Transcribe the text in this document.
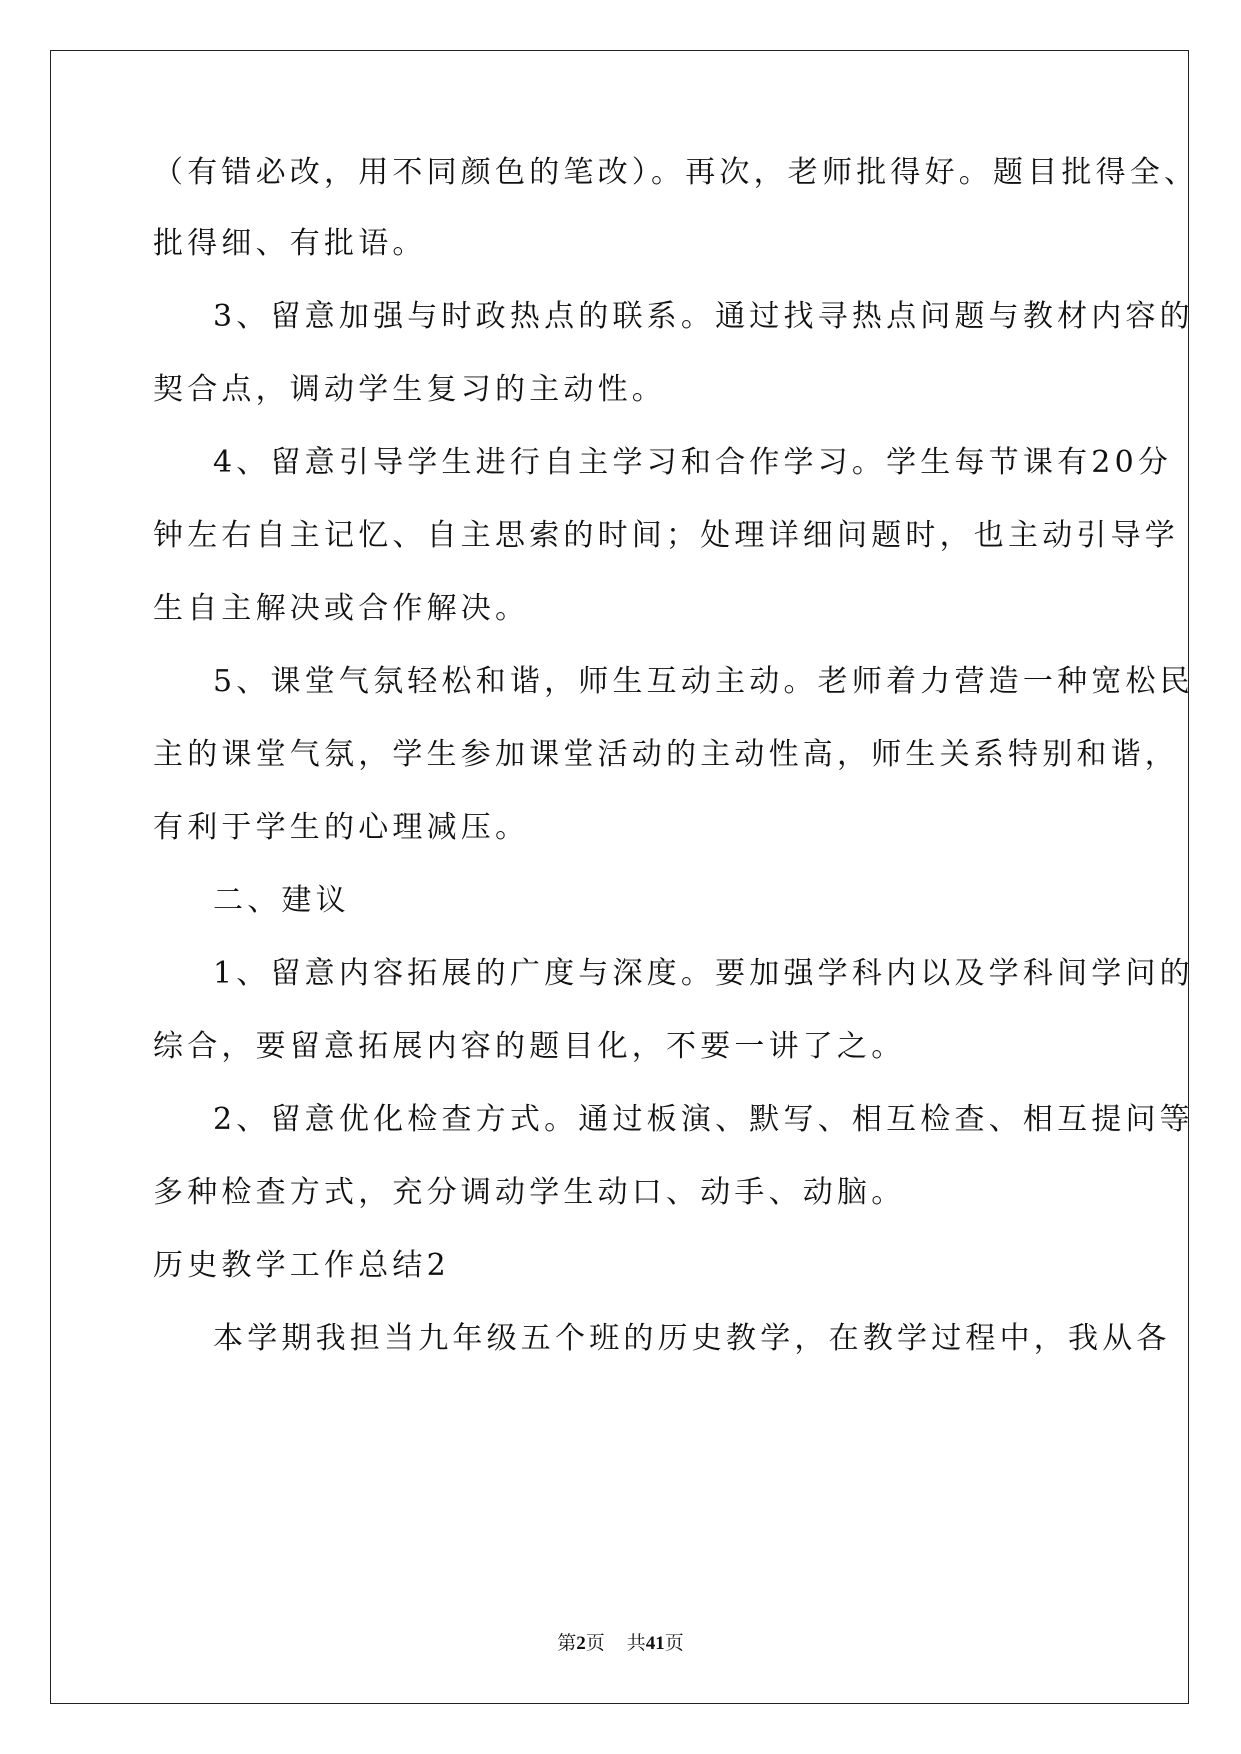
（有错必改，用不同颜色的笔改）。再次，老师批得好。题目批得全、

批得细、有批语。

3、留意加强与时政热点的联系。通过找寻热点问题与教材内容的

契合点，调动学生复习的主动性。

4、留意引导学生进行自主学习和合作学习。学生每节课有20分

钟左右自主记忆、自主思索的时间；处理详细问题时，也主动引导学

生自主解决或合作解决。

5、课堂气氛轻松和谐，师生互动主动。老师着力营造一种宽松民

主的课堂气氛，学生参加课堂活动的主动性高，师生关系特别和谐，

有利于学生的心理减压。

二、建议

1、留意内容拓展的广度与深度。要加强学科内以及学科间学问的

综合，要留意拓展内容的题目化，不要一讲了之。

2、留意优化检查方式。通过板演、默写、相互检查、相互提问等

多种检查方式，充分调动学生动口、动手、动脑。

历史教学工作总结2

本学期我担当九年级五个班的历史教学，在教学过程中，我从各

第2页 共41页
